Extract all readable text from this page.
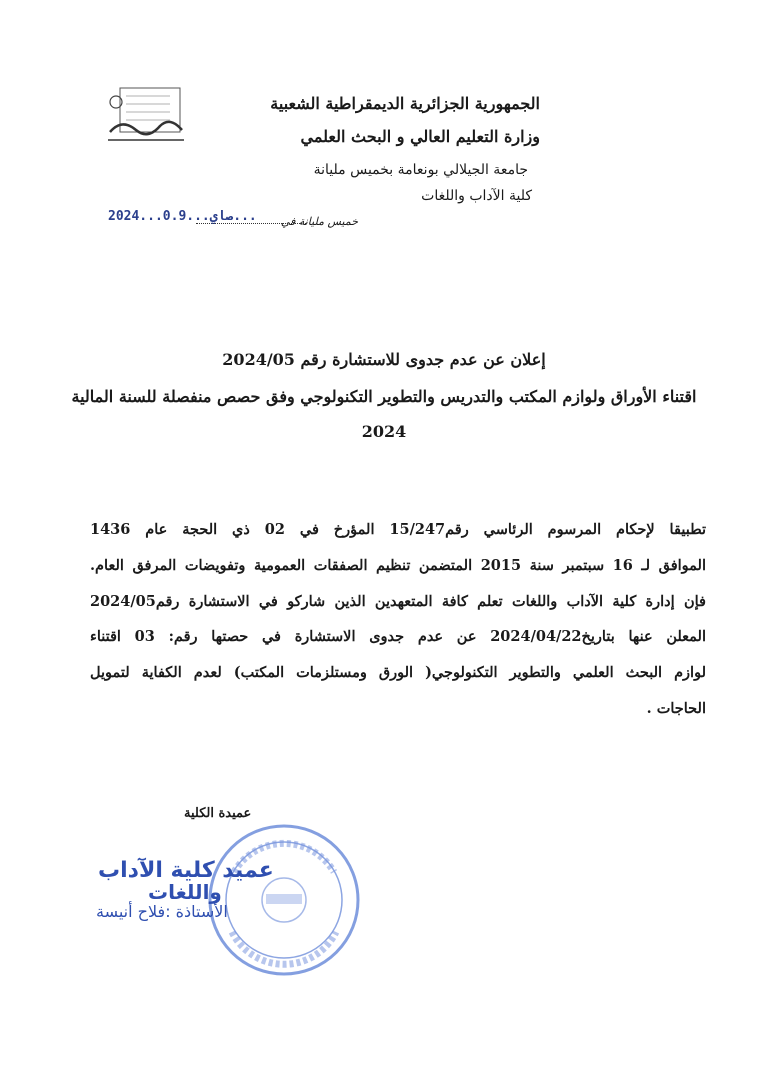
الجمهورية الجزائرية الديمقراطية الشعبية
وزارة التعليم العالي و البحث العلمي
جامعة الجيلالي بونعامة بخميس مليانة
كلية الآداب واللغات
خميس مليانة في
2024...صاي...0.9...
إعلان عن عدم جدوى للاستشارة رقم 2024/05
اقتناء الأوراق ولوازم المكتب والتدريس والتطوير التكنولوجي وفق حصص منفصلة للسنة المالية
2024
تطبيقا لإحكام المرسوم الرئاسي رقم15/247 المؤرخ في 02 ذي الحجة عام 1436
الموافق لـ 16 سبتمبر سنة 2015 المتضمن تنظيم الصفقات العمومية وتفويضات المرفق العام.
فإن إدارة كلية الآداب واللغات تعلم كافة المتعهدين الذين شاركو في الاستشارة رقم2024/05
المعلن عنها بتاريخ2024/04/22 عن عدم جدوى الاستشارة في حصتها رقم: 03 اقتناء
لوازم البحث العلمي والتطوير التكنولوجي( الورق ومستلزمات المكتب) لعدم الكفاية لتمويل
الحاجات .
عميدة الكلية
عميد كلية الآداب
واللغات
الأستاذة :فلاح أنيسة
